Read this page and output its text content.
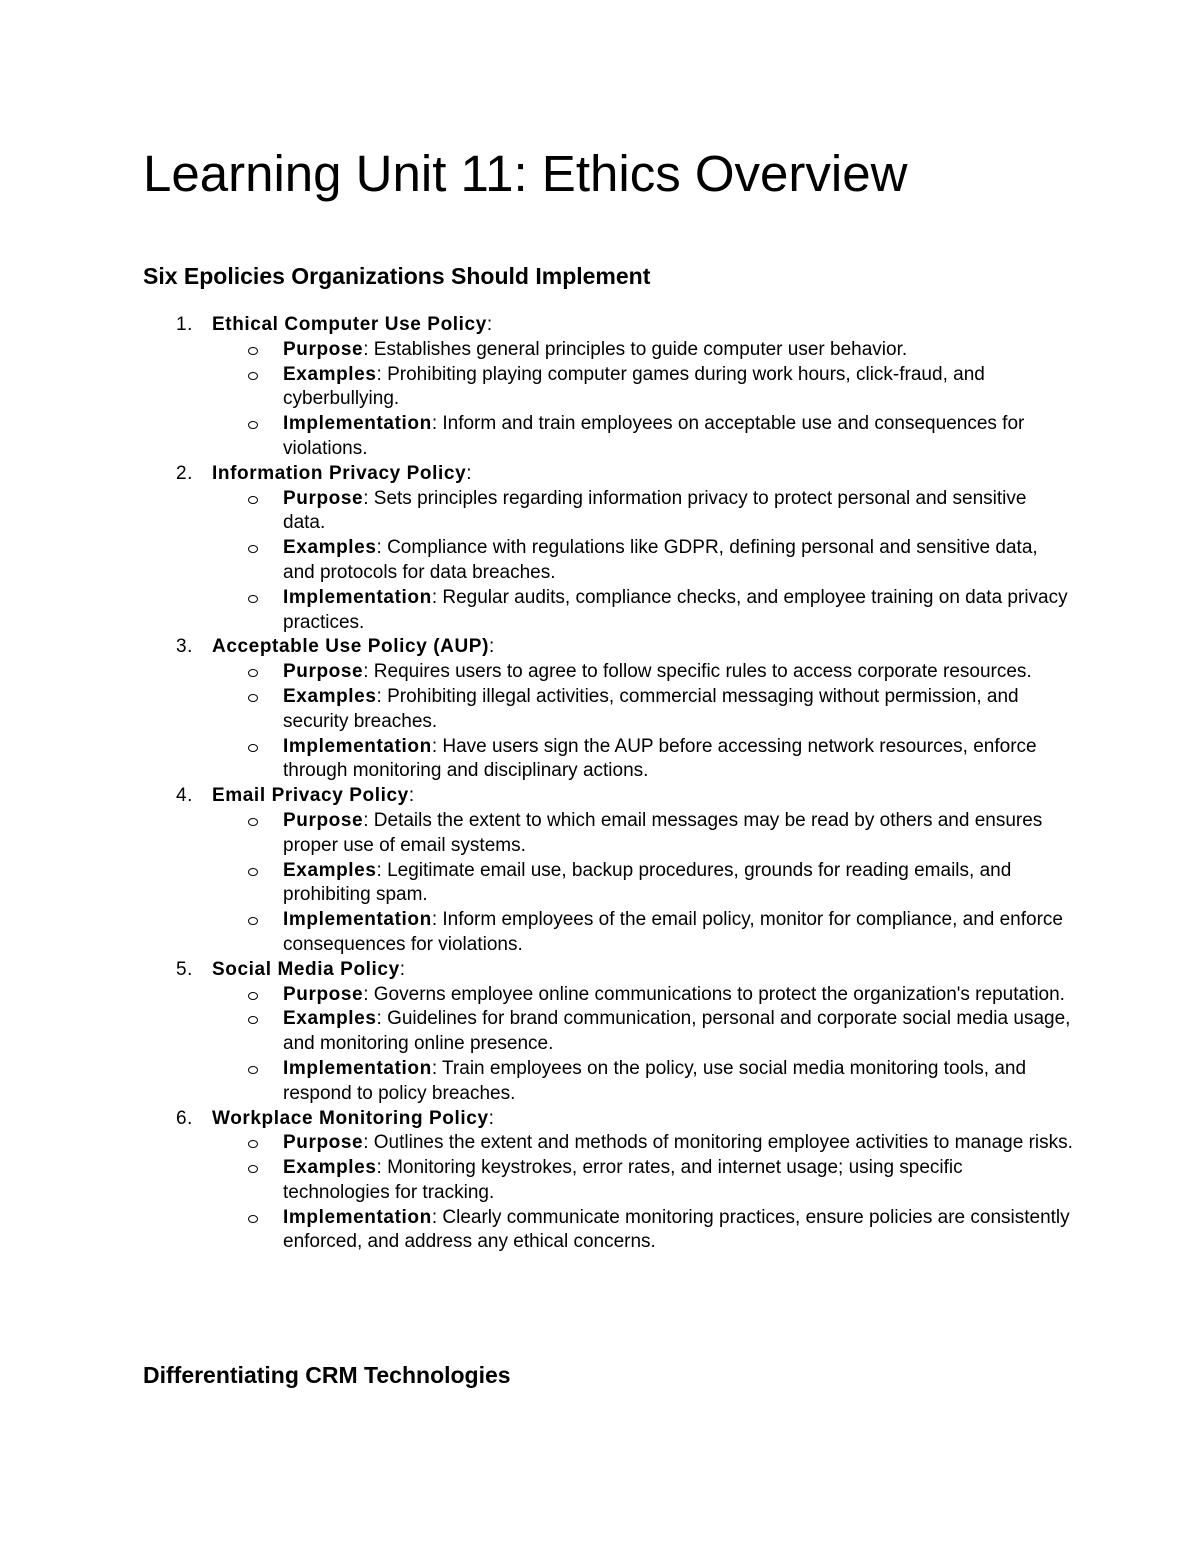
Learning Unit 11: Ethics Overview
Six Epolicies Organizations Should Implement
1. Ethical Computer Use Policy:
Purpose: Establishes general principles to guide computer user behavior.
Examples: Prohibiting playing computer games during work hours, click-fraud, and cyberbullying.
Implementation: Inform and train employees on acceptable use and consequences for violations.
2. Information Privacy Policy:
Purpose: Sets principles regarding information privacy to protect personal and sensitive data.
Examples: Compliance with regulations like GDPR, defining personal and sensitive data, and protocols for data breaches.
Implementation: Regular audits, compliance checks, and employee training on data privacy practices.
3. Acceptable Use Policy (AUP):
Purpose: Requires users to agree to follow specific rules to access corporate resources.
Examples: Prohibiting illegal activities, commercial messaging without permission, and security breaches.
Implementation: Have users sign the AUP before accessing network resources, enforce through monitoring and disciplinary actions.
4. Email Privacy Policy:
Purpose: Details the extent to which email messages may be read by others and ensures proper use of email systems.
Examples: Legitimate email use, backup procedures, grounds for reading emails, and prohibiting spam.
Implementation: Inform employees of the email policy, monitor for compliance, and enforce consequences for violations.
5. Social Media Policy:
Purpose: Governs employee online communications to protect the organization's reputation.
Examples: Guidelines for brand communication, personal and corporate social media usage, and monitoring online presence.
Implementation: Train employees on the policy, use social media monitoring tools, and respond to policy breaches.
6. Workplace Monitoring Policy:
Purpose: Outlines the extent and methods of monitoring employee activities to manage risks.
Examples: Monitoring keystrokes, error rates, and internet usage; using specific technologies for tracking.
Implementation: Clearly communicate monitoring practices, ensure policies are consistently enforced, and address any ethical concerns.
Differentiating CRM Technologies
